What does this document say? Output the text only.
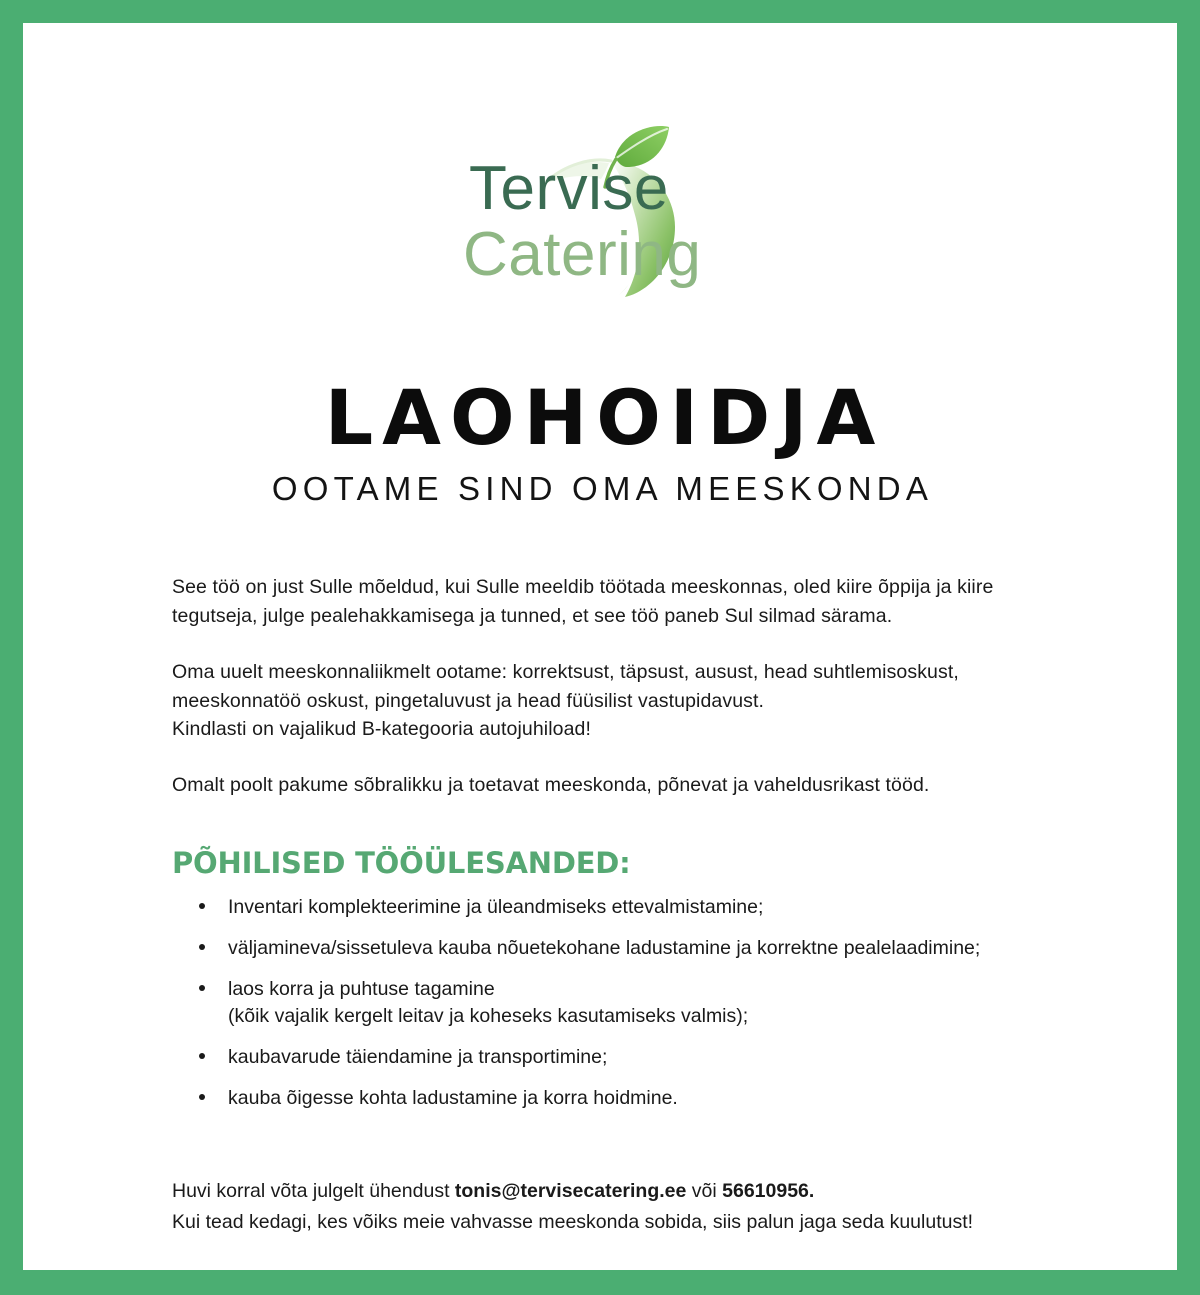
Tervise
Catering
LAOHOIDJA
OOTAME SIND OMA MEESKONDA

See töö on just Sulle mõeldud, kui Sulle meeldib töötada meeskonnas, oled kiire õppija ja kiire tegutseja, julge pealehakkamisega ja tunned, et see töö paneb Sul silmad särama.

Oma uuelt meeskonnaliikmelt ootame: korrektsust, täpsust, ausust, head suhtlemisoskust, meeskonnatöö oskust, pingetaluvust ja head füüsilist vastupidavust.
Kindlasti on vajalikud B-kategooria autojuhiload!

Omalt poolt pakume sõbralikku ja toetavat meeskonda, põnevat ja vaheldusrikast tööd.

PÕHILISED TÖÖÜLESANDED:
Inventari komplekteerimine ja üleandmiseks ettevalmistamine;
väljamineva/sissetuleva kauba nõuetekohane ladustamine ja korrektne pealelaadimine;
laos korra ja puhtuse tagamine
(kõik vajalik kergelt leitav ja koheseks kasutamiseks valmis);
kaubavarude täiendamine ja transportimine;
kauba õigesse kohta ladustamine ja korra hoidmine.

Huvi korral võta julgelt ühendust tonis@tervisecatering.ee või 56610956.

Kui tead kedagi, kes võiks meie vahvasse meeskonda sobida, siis palun jaga seda kuulutust!
